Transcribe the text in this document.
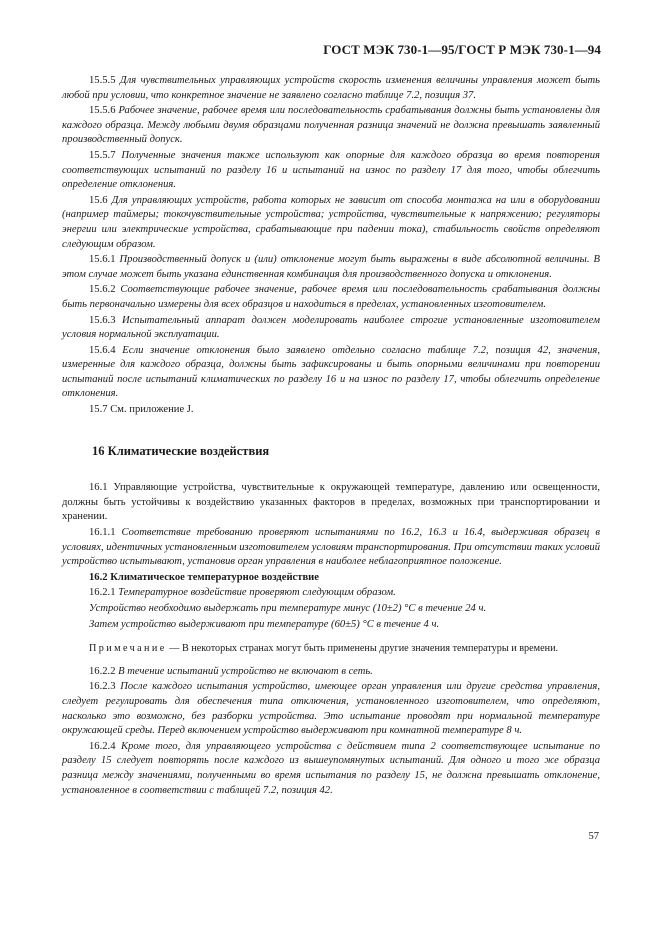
ГОСТ МЭК 730-1—95/ГОСТ Р МЭК 730-1—94

15.5.5 Для чувствительных управляющих устройств скорость изменения величины управления может быть любой при условии, что конкретное значение не заявлено согласно таблице 7.2, позиция 37.

15.5.6 Рабочее значение, рабочее время или последовательность срабатывания должны быть установлены для каждого образца. Между любыми двумя образцами полученная разница значений не должна превышать заявленный производственный допуск.

15.5.7 Полученные значения также используют как опорные для каждого образца во время повторения соответствующих испытаний по разделу 16 и испытаний на износ по разделу 17 для того, чтобы облегчить определение отклонения.

15.6 Для управляющих устройств, работа которых не зависит от способа монтажа на или в оборудовании (например таймеры; токочувствительные устройства; устройства, чувствительные к напряжению; регуляторы энергии или электрические устройства, срабатывающие при падении тока), стабильность свойств определяют следующим образом.

15.6.1 Производственный допуск и (или) отклонение могут быть выражены в виде абсолютной величины. В этом случае может быть указана единственная комбинация для производственного допуска и отклонения.

15.6.2 Соответствующие рабочее значение, рабочее время или последовательность срабатывания должны быть первоначально измерены для всех образцов и находиться в пределах, установленных изготовителем.

15.6.3 Испытательный аппарат должен моделировать наиболее строгие установленные изготовителем условия нормальной эксплуатации.

15.6.4 Если значение отклонения было заявлено отдельно согласно таблице 7.2, позиция 42, значения, измеренные для каждого образца, должны быть зафиксированы и быть опорными величинами при повторении испытаний после испытаний климатических по разделу 16 и на износ по разделу 17, чтобы облегчить определение отклонения.

15.7 См. приложение J.

16 Климатические воздействия

16.1 Управляющие устройства, чувствительные к окружающей температуре, давлению или освещенности, должны быть устойчивы к воздействию указанных факторов в пределах, возможных при транспортировании и хранении.

16.1.1 Соответствие требованию проверяют испытаниями по 16.2, 16.3 и 16.4, выдерживая образец в условиях, идентичных установленным изготовителем условиям транспортирования. При отсутствии таких условий устройство испытывают, установив орган управления в наиболее неблагоприятное положение.

16.2 Климатическое температурное воздействие

16.2.1 Температурное воздействие проверяют следующим образом.

Устройство необходимо выдержать при температуре минус (10±2) °С в течение 24 ч.

Затем устройство выдерживают при температуре (60±5) °С в течение 4 ч.

Примечание — В некоторых странах могут быть применены другие значения температуры и времени.

16.2.2 В течение испытаний устройство не включают в сеть.

16.2.3 После каждого испытания устройство, имеющее орган управления или другие средства управления, следует регулировать для обеспечения типа отключения, установленного изготовителем, что определяют, насколько это возможно, без разборки устройства. Это испытание проводят при нормальной температуре окружающей среды. Перед включением устройство выдерживают при комнатной температуре 8 ч.

16.2.4 Кроме того, для управляющего устройства с действием типа 2 соответствующее испытание по разделу 15 следует повторять после каждого из вышеупомянутых испытаний. Для одного и того же образца разница между значениями, полученными во время испытания по разделу 15, не должна превышать отклонение, установленное в соответствии с таблицей 7.2, позиция 42.

57
